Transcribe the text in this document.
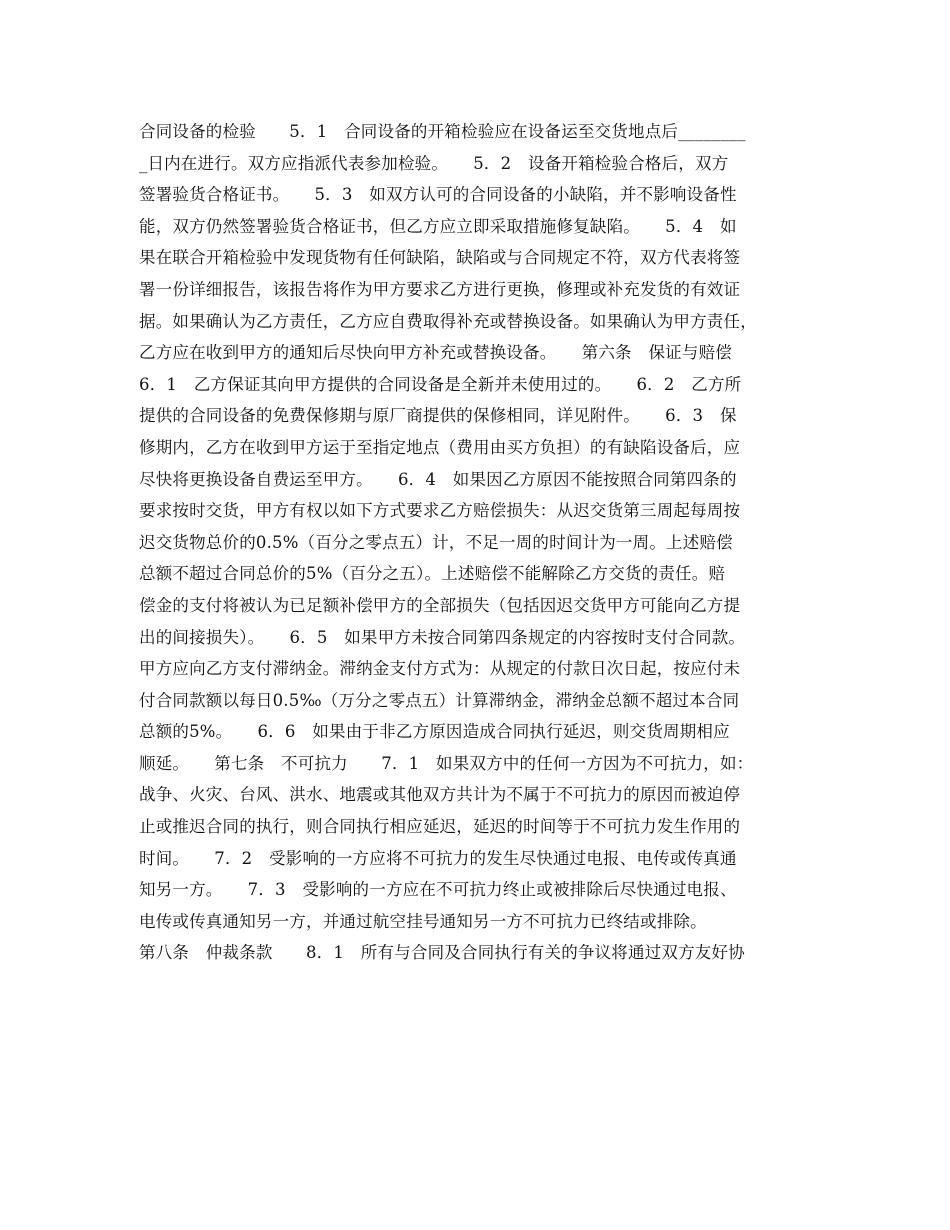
合同设备的检验　　5．1　合同设备的开箱检验应在设备运至交货地点后________
_日内在进行。双方应指派代表参加检验。　　5．2　设备开箱检验合格后，双方
签署验货合格证书。　　5．3　如双方认可的合同设备的小缺陷，并不影响设备性
能，双方仍然签署验货合格证书，但乙方应立即采取措施修复缺陷。　　5．4　如
果在联合开箱检验中发现货物有任何缺陷，缺陷或与合同规定不符，双方代表将签
署一份详细报告，该报告将作为甲方要求乙方进行更换，修理或补充发货的有效证
据。如果确认为乙方责任，乙方应自费取得补充或替换设备。如果确认为甲方责任，
乙方应在收到甲方的通知后尽快向甲方补充或替换设备。　　第六条　保证与赔偿
6．1　乙方保证其向甲方提供的合同设备是全新并未使用过的。　　6．2　乙方所
提供的合同设备的免费保修期与原厂商提供的保修相同，详见附件。　　6．3　保
修期内，乙方在收到甲方运于至指定地点（费用由买方负担）的有缺陷设备后，应
尽快将更换设备自费运至甲方。　　6．4　如果因乙方原因不能按照合同第四条的
要求按时交货，甲方有权以如下方式要求乙方赔偿损失：从迟交货第三周起每周按
迟交货物总价的0.5%（百分之零点五）计，不足一周的时间计为一周。上述赔偿
总额不超过合同总价的5%（百分之五）。上述赔偿不能解除乙方交货的责任。赔
偿金的支付将被认为已足额补偿甲方的全部损失（包括因迟交货甲方可能向乙方提
出的间接损失）。　　6．5　如果甲方未按合同第四条规定的内容按时支付合同款。
甲方应向乙方支付滞纳金。滞纳金支付方式为：从规定的付款日次日起，按应付未
付合同款额以每日0.5‰（万分之零点五）计算滞纳金，滞纳金总额不超过本合同
总额的5%。　　6．6　如果由于非乙方原因造成合同执行延迟，则交货周期相应
顺延。　　第七条　不可抗力　　7．1　如果双方中的任何一方因为不可抗力，如：
战争、火灾、台风、洪水、地震或其他双方共计为不属于不可抗力的原因而被迫停
止或推迟合同的执行，则合同执行相应延迟，延迟的时间等于不可抗力发生作用的
时间。　　7．2　受影响的一方应将不可抗力的发生尽快通过电报、电传或传真通
知另一方。　　7．3　受影响的一方应在不可抗力终止或被排除后尽快通过电报、
电传或传真通知另一方，并通过航空挂号通知另一方不可抗力已终结或排除。
第八条　仲裁条款　　8．1　所有与合同及合同执行有关的争议将通过双方友好协
